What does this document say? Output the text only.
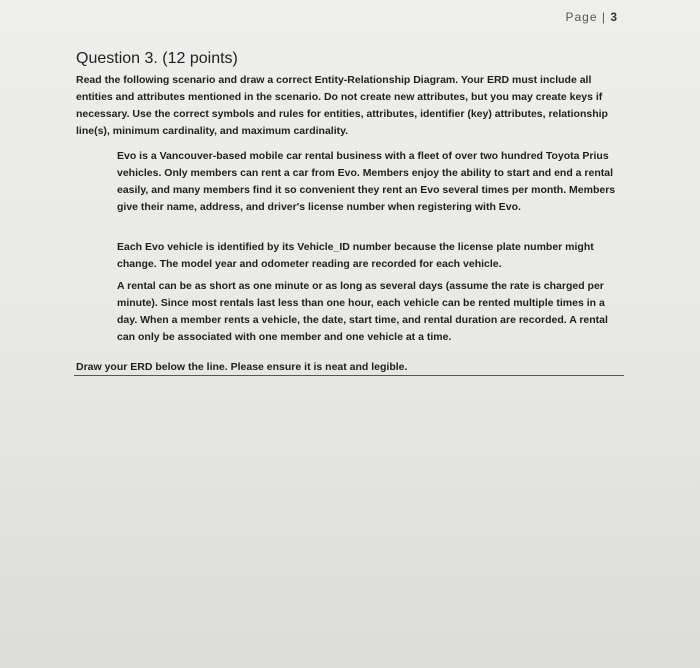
Page | 3
Question 3. (12 points)

Read the following scenario and draw a correct Entity-Relationship Diagram. Your ERD must include all entities and attributes mentioned in the scenario. Do not create new attributes, but you may create keys if necessary. Use the correct symbols and rules for entities, attributes, identifier (key) attributes, relationship line(s), minimum cardinality, and maximum cardinality.

Evo is a Vancouver-based mobile car rental business with a fleet of over two hundred Toyota Prius vehicles. Only members can rent a car from Evo. Members enjoy the ability to start and end a rental easily, and many members find it so convenient they rent an Evo several times per month. Members give their name, address, and driver's license number when registering with Evo.

Each Evo vehicle is identified by its Vehicle_ID number because the license plate number might change. The model year and odometer reading are recorded for each vehicle.

A rental can be as short as one minute or as long as several days (assume the rate is charged per minute). Since most rentals last less than one hour, each vehicle can be rented multiple times in a day. When a member rents a vehicle, the date, start time, and rental duration are recorded. A rental can only be associated with one member and one vehicle at a time.

Draw your ERD below the line. Please ensure it is neat and legible.
